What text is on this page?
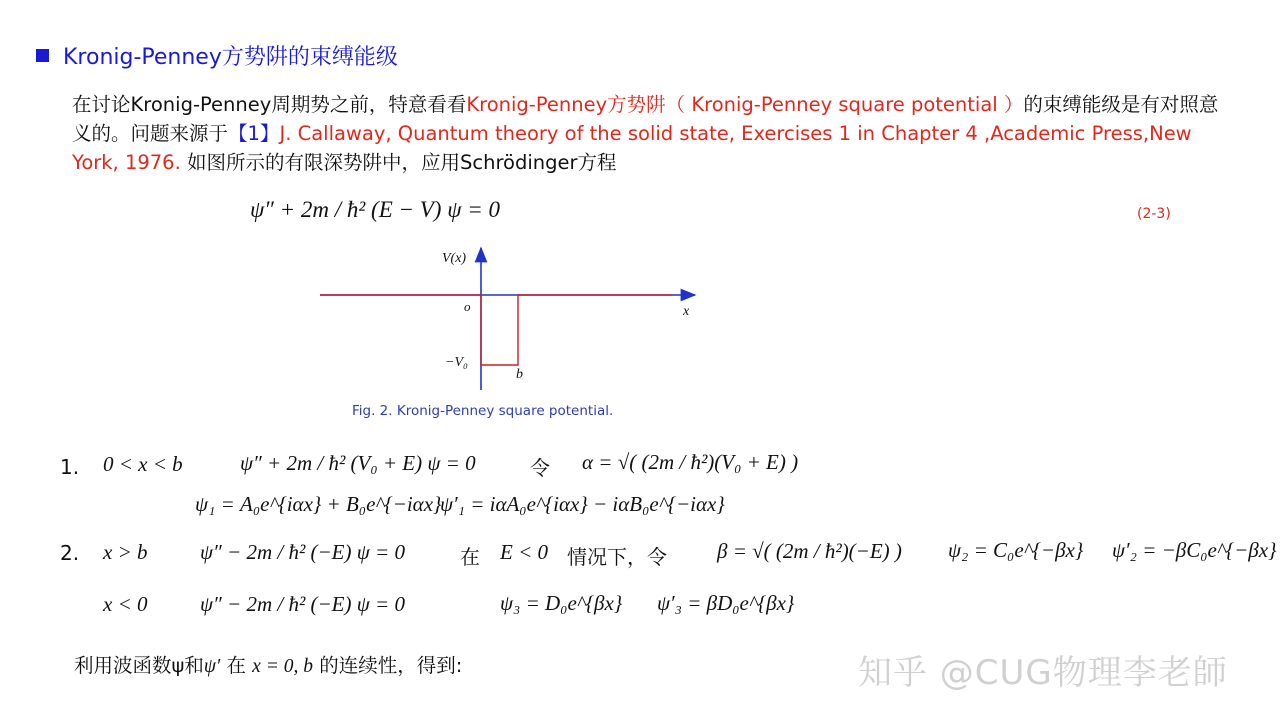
Kronig-Penney方势阱的束缚能级
在讨论Kronig-Penney周期势之前，特意看看Kronig-Penney方势阱（ Kronig-Penney square potential ）的束缚能级是有对照意义的。问题来源于【1】J. Callaway, Quantum theory of the solid state, Exercises 1 in Chapter 4 ,Academic Press,New York, 1976. 如图所示的有限深势阱中，应用Schrödinger方程
ψ″ + 2m / ħ² (E − V) ψ = 0	(2-3)
V(x)
x
o
−V₀
b
Fig. 2. Kronig-Penney square potential.
1. 0 < x < b	ψ″ + 2m / ħ² (V₀ + E) ψ = 0	令 α = √( (2m / ħ²)(V₀ + E) )
ψ₁ = A₀e^{iαx} + B₀e^{−iαx}
ψ′₁ = iαA₀e^{iαx} − iαB₀e^{−iαx}
2. x > b	ψ″ − 2m / ħ² (−E) ψ = 0	在 E < 0 情况下，令 β = √( (2m / ħ²)(−E) ) ψ₂ = C₀e^{−βx} ψ′₂ = −βC₀e^{−βx}
x < 0	ψ″ − 2m / ħ² (−E) ψ = 0	ψ₃ = D₀e^{βx} ψ′₃ = βD₀e^{βx}
利用波函数ψ和ψ′ 在 x = 0, b 的连续性，得到:	知乎 @CUG物理李老師
